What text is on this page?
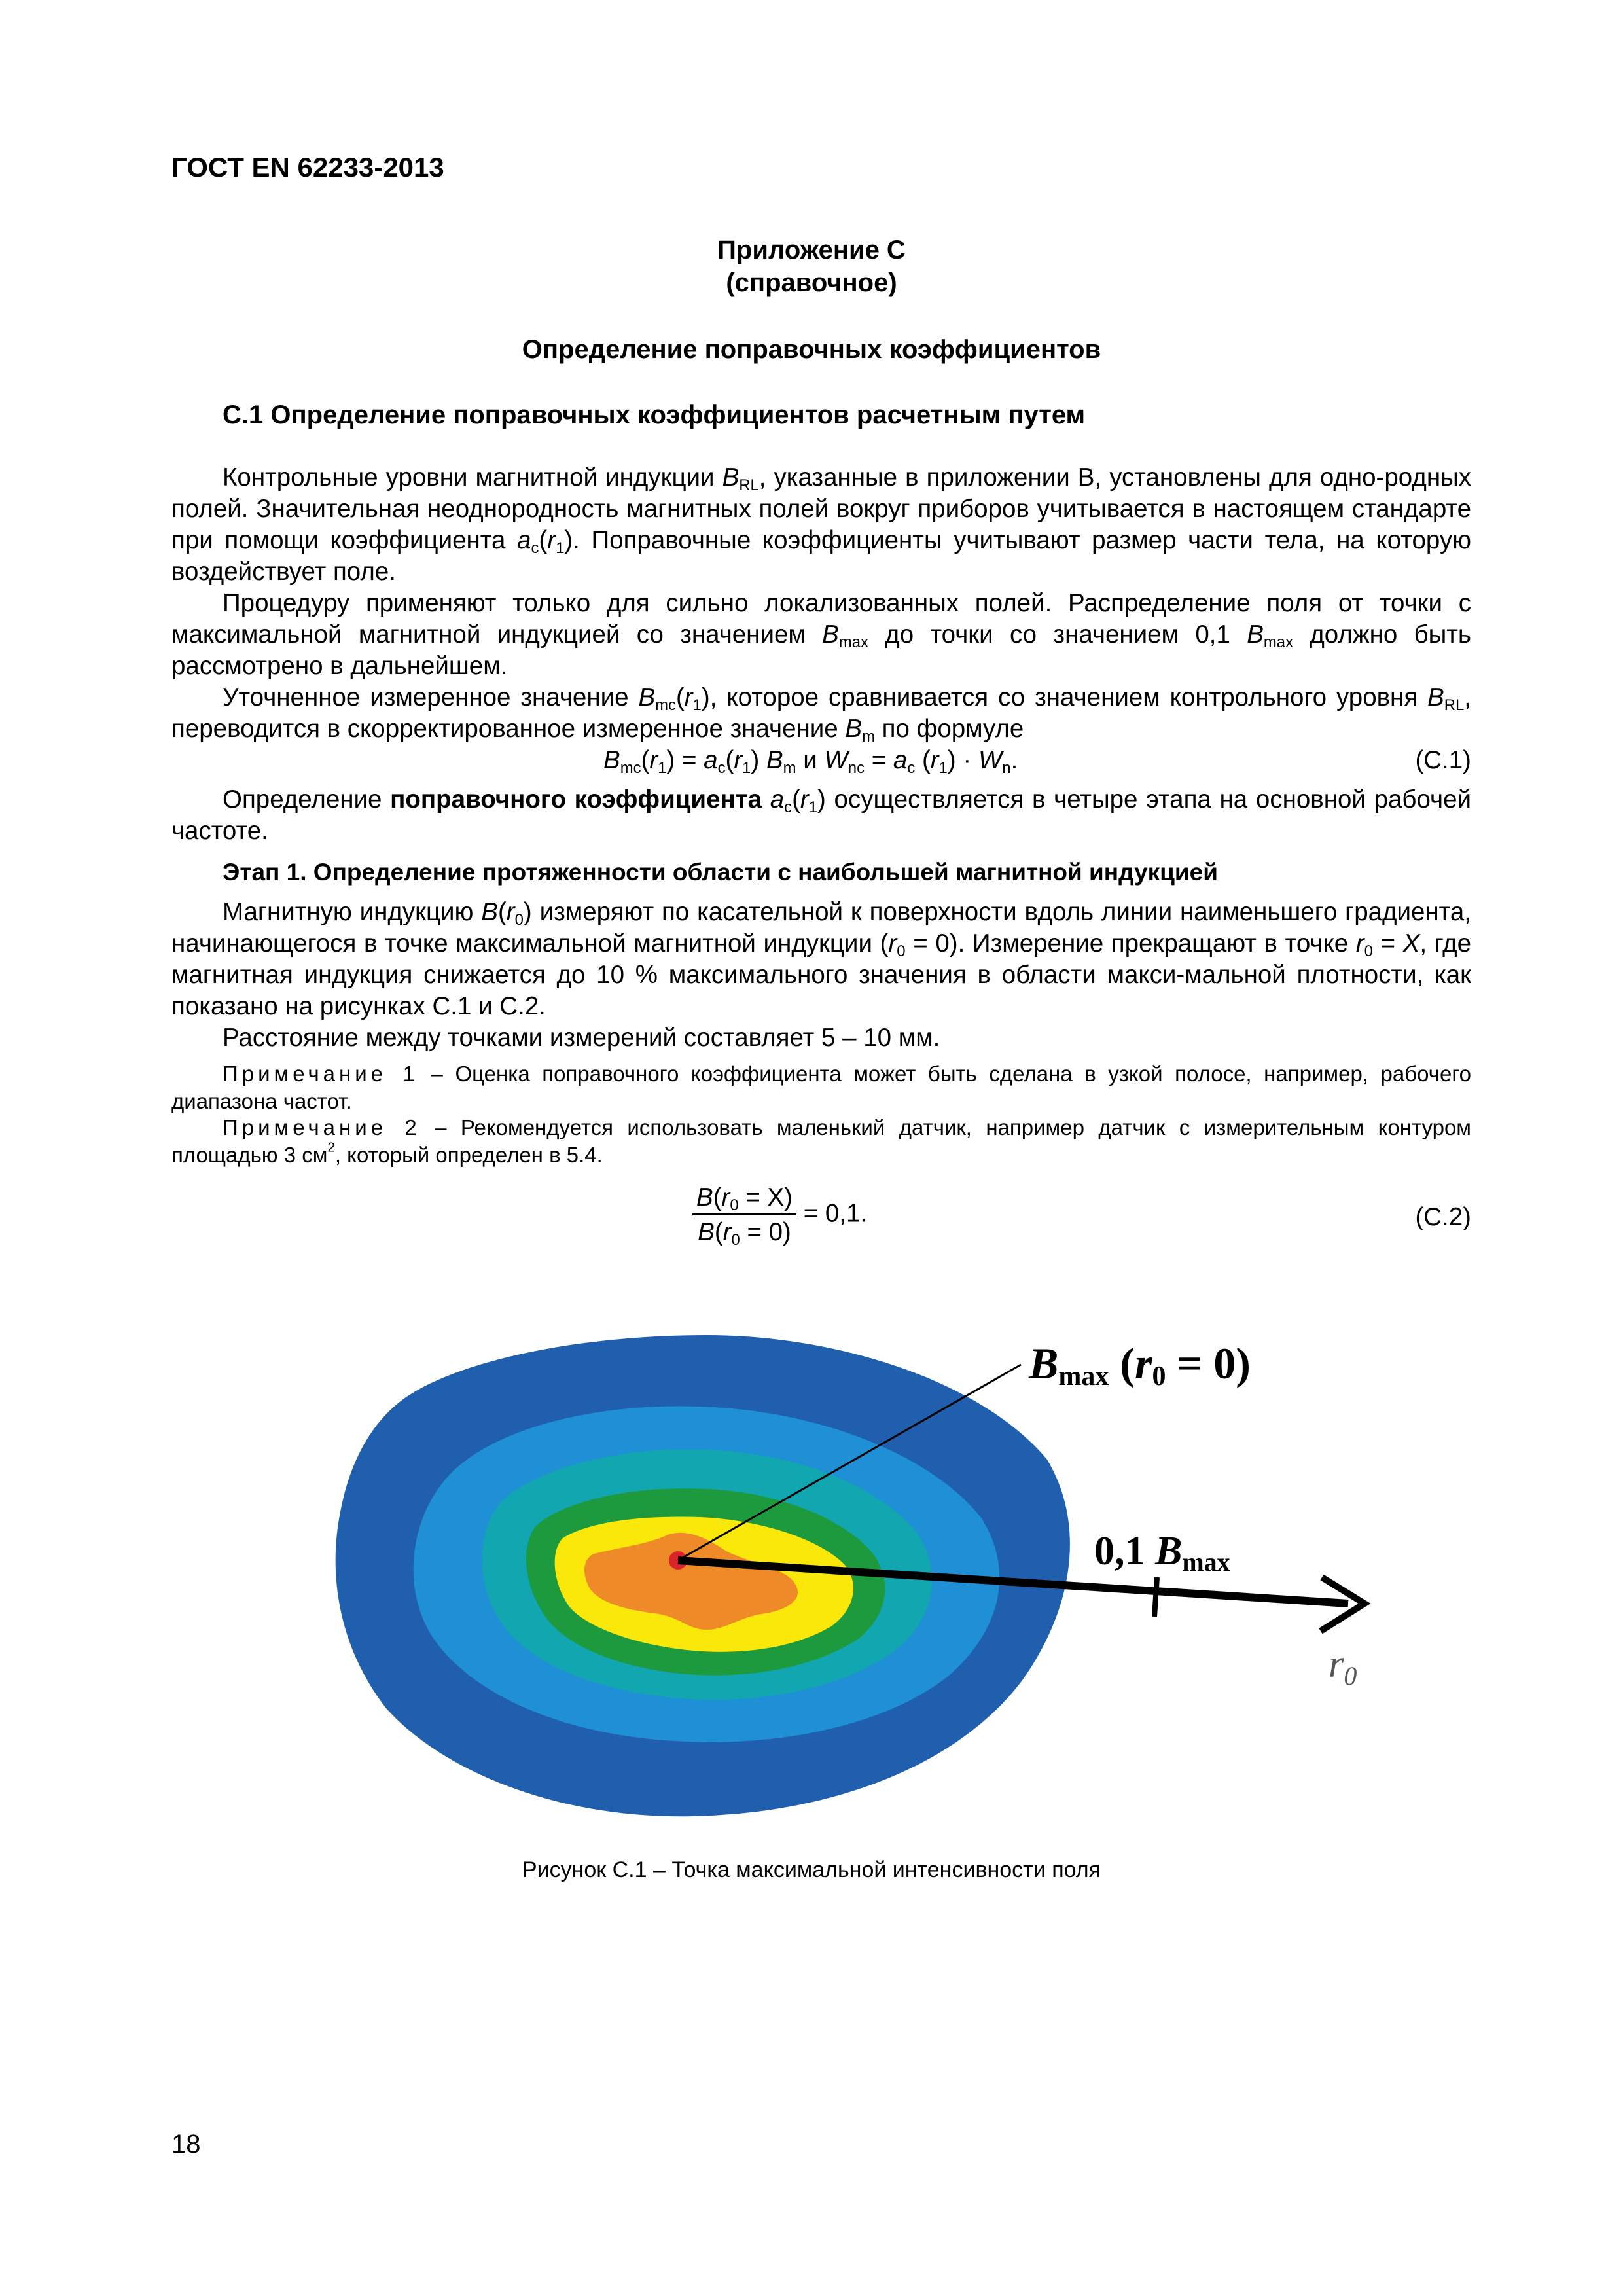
ГОСТ EN 62233-2013
Приложение С
(справочное)
Определение поправочных коэффициентов
С.1 Определение поправочных коэффициентов расчетным путем
Контрольные уровни магнитной индукции $B_{RL}$, указанные в приложении В, установлены для одно-родных полей. Значительная неоднородность магнитных полей вокруг приборов учитывается в настоящем стандарте при помощи коэффициента $a_c(r_1)$. Поправочные коэффициенты учитывают размер части тела, на которую воздействует поле.
Процедуру применяют только для сильно локализованных полей. Распределение поля от точки с максимальной магнитной индукцией со значением $B_{max}$ до точки со значением 0,1 $B_{max}$ должно быть рассмотрено в дальнейшем.
Уточненное измеренное значение $B_{mc}(r_1)$, которое сравнивается со значением контрольного уровня $B_{RL}$, переводится в скорректированное измеренное значение $B_m$ по формуле
$B_{mc}(r_1) = a_c(r_1)$ $B_m$ и $W_{nc} = a_c$ $(r_1) \cdot W_n$.	(С.1)
Определение поправочного коэффициента $a_c(r_1)$ осуществляется в четыре этапа на основной рабочей частоте.
Этап 1. Определение протяженности области с наибольшей магнитной индукцией
Магнитную индукцию $B(r_0)$ измеряют по касательной к поверхности вдоль линии наименьшего градиента, начинающегося в точке максимальной магнитной индукции $(r_0 = 0)$. Измерение прекращают в точке $r_0 = X$, где магнитная индукция снижается до 10 % максимального значения в области макси-мальной плотности, как показано на рисунках С.1 и С.2.
Расстояние между точками измерений составляет 5 – 10 мм.
Примечание 1 – Оценка поправочного коэффициента может быть сделана в узкой полосе, например, рабочего диапазона частот.
Примечание 2 – Рекомендуется использовать маленький датчик, например датчик с измерительным контуром площадью 3 $см^2$, который определен в 5.4.
$\frac{B(r_0 = X)}{B(r_0 = 0)} = 0,1$.	(С.2)
Bmax (r0 = 0)
0,1 Bmax
$r_0$
Рисунок С.1 – Точка максимальной интенсивности поля
18
